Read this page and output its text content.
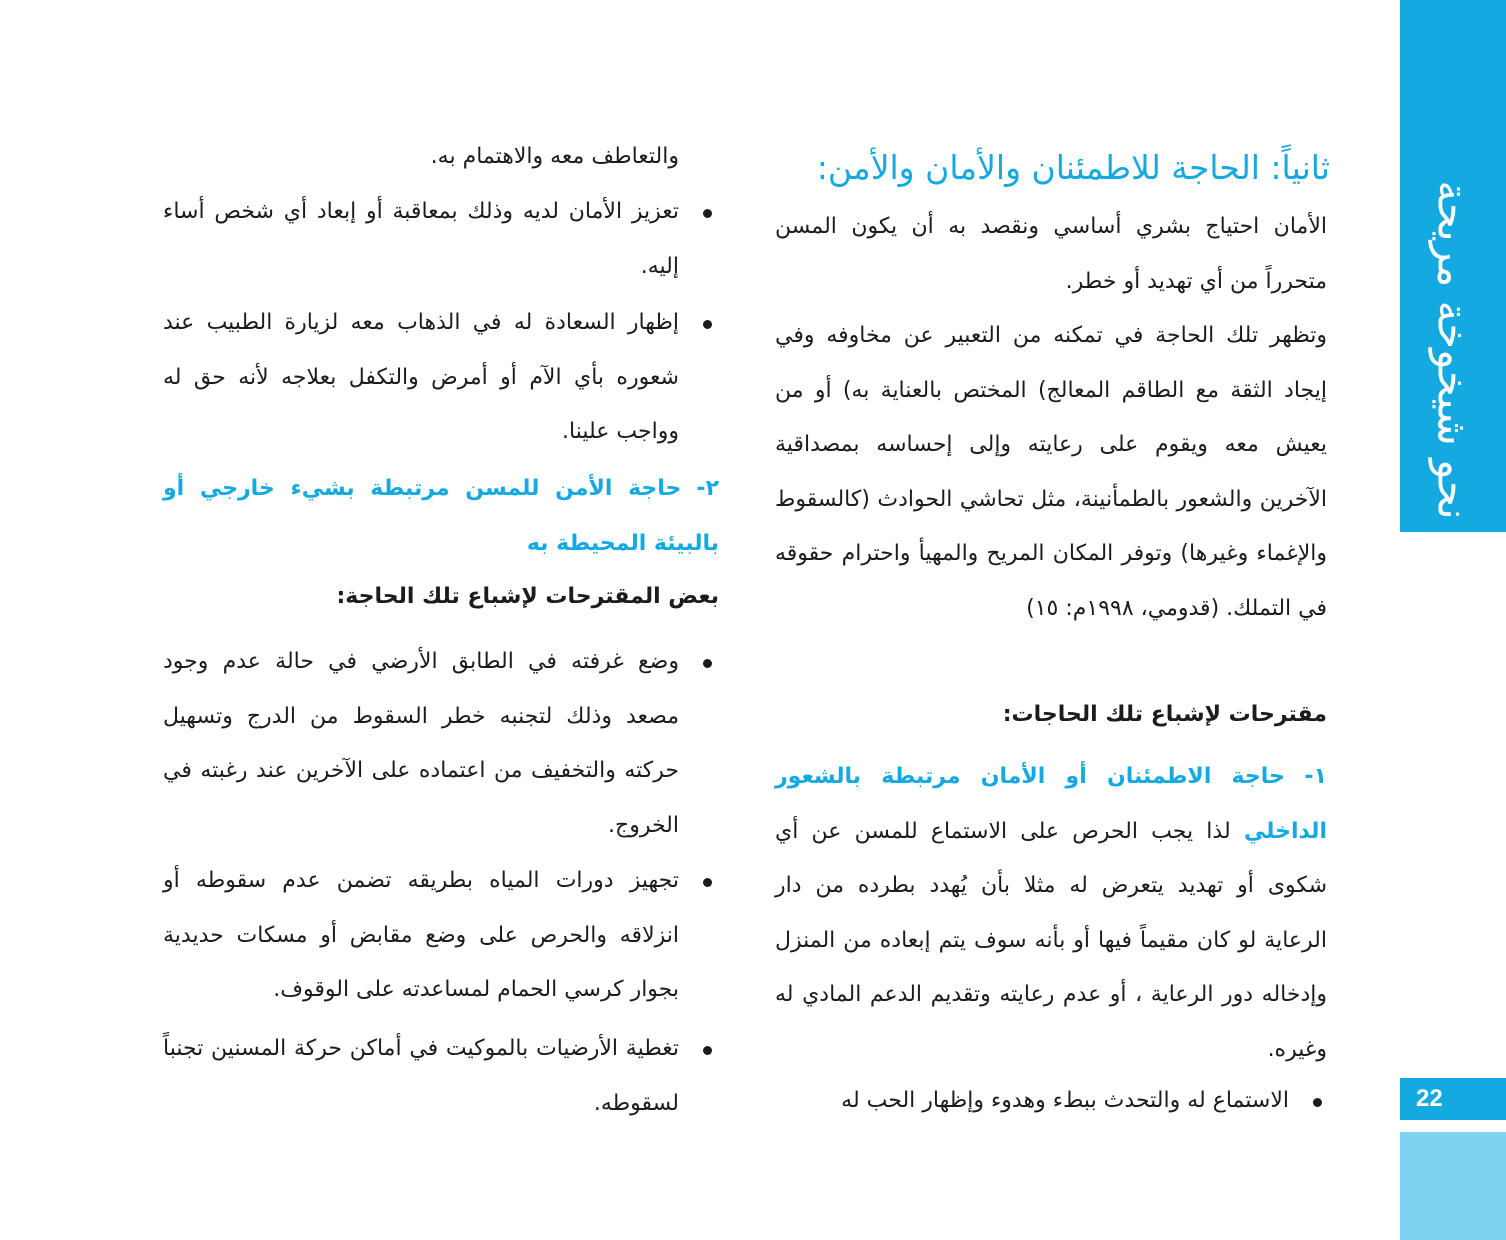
نحو شيخوخة مريحة
22
ثانياً: الحاجة للاطمئنان والأمان والأمن:
الأمان احتياج بشري أساسي ونقصد به أن يكون المسن متحرراً من أي تهديد أو خطر.
وتظهر تلك الحاجة في تمكنه من التعبير عن مخاوفه وفي إيجاد الثقة مع الطاقم المعالج) المختص بالعناية به) أو من يعيش معه ويقوم على رعايته وإلى إحساسه بمصداقية الآخرين والشعور بالطمأنينة، مثل تحاشي الحوادث (كالسقوط والإغماء وغيرها) وتوفر المكان المريح والمهيأ واحترام حقوقه في التملك. (قدومي، ١٩٩٨م: ١٥)
مقترحات لإشباع تلك الحاجات:
١- حاجة الاطمئنان أو الأمان مرتبطة بالشعور الداخلي لذا يجب الحرص على الاستماع للمسن عن أي شكوى أو تهديد يتعرض له مثلا بأن يُهدد بطرده من دار الرعاية لو كان مقيماً فيها أو بأنه سوف يتم إبعاده من المنزل وإدخاله دور الرعاية ، أو عدم رعايته وتقديم الدعم المادي له وغيره.
الاستماع له والتحدث ببطء وهدوء وإظهار الحب له
والتعاطف معه والاهتمام به.
تعزيز الأمان لديه وذلك بمعاقبة أو إبعاد أي شخص أساء إليه.
إظهار السعادة له في الذهاب معه لزيارة الطبيب عند شعوره بأي الآم أو أمرض والتكفل بعلاجه لأنه حق له وواجب علينا.
٢- حاجة الأمن للمسن مرتبطة بشيء خارجي أو بالبيئة المحيطة به
بعض المقترحات لإشباع تلك الحاجة:
وضع غرفته في الطابق الأرضي في حالة عدم وجود مصعد وذلك لتجنبه خطر السقوط من الدرج وتسهيل حركته والتخفيف من اعتماده على الآخرين عند رغبته في الخروج.
تجهيز دورات المياه بطريقه تضمن عدم سقوطه أو انزلاقه والحرص على وضع مقابض أو مسكات حديدية بجوار كرسي الحمام لمساعدته على الوقوف.
تغطية الأرضيات بالموكيت في أماكن حركة المسنين تجنباً لسقوطه.
